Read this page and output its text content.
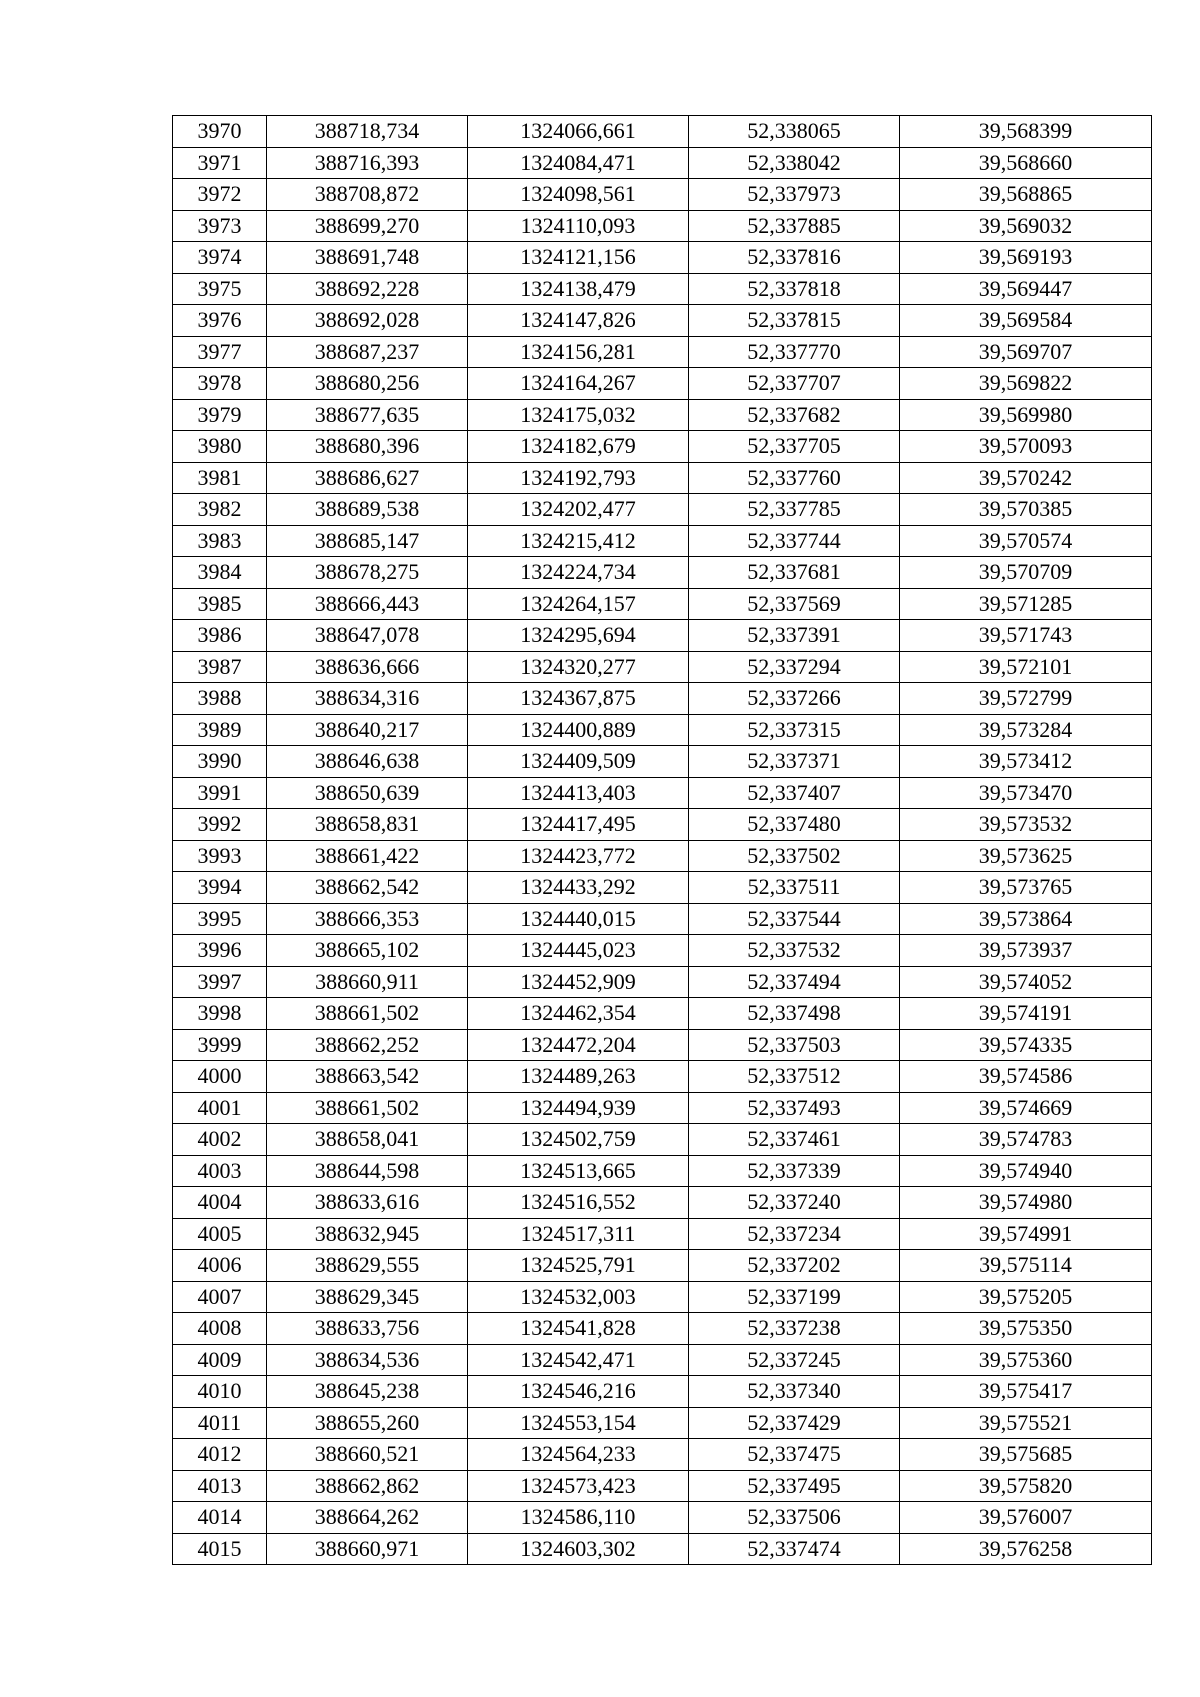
3970	388718,734	1324066,661	52,338065	39,568399
3971	388716,393	1324084,471	52,338042	39,568660
3972	388708,872	1324098,561	52,337973	39,568865
3973	388699,270	1324110,093	52,337885	39,569032
3974	388691,748	1324121,156	52,337816	39,569193
3975	388692,228	1324138,479	52,337818	39,569447
3976	388692,028	1324147,826	52,337815	39,569584
3977	388687,237	1324156,281	52,337770	39,569707
3978	388680,256	1324164,267	52,337707	39,569822
3979	388677,635	1324175,032	52,337682	39,569980
3980	388680,396	1324182,679	52,337705	39,570093
3981	388686,627	1324192,793	52,337760	39,570242
3982	388689,538	1324202,477	52,337785	39,570385
3983	388685,147	1324215,412	52,337744	39,570574
3984	388678,275	1324224,734	52,337681	39,570709
3985	388666,443	1324264,157	52,337569	39,571285
3986	388647,078	1324295,694	52,337391	39,571743
3987	388636,666	1324320,277	52,337294	39,572101
3988	388634,316	1324367,875	52,337266	39,572799
3989	388640,217	1324400,889	52,337315	39,573284
3990	388646,638	1324409,509	52,337371	39,573412
3991	388650,639	1324413,403	52,337407	39,573470
3992	388658,831	1324417,495	52,337480	39,573532
3993	388661,422	1324423,772	52,337502	39,573625
3994	388662,542	1324433,292	52,337511	39,573765
3995	388666,353	1324440,015	52,337544	39,573864
3996	388665,102	1324445,023	52,337532	39,573937
3997	388660,911	1324452,909	52,337494	39,574052
3998	388661,502	1324462,354	52,337498	39,574191
3999	388662,252	1324472,204	52,337503	39,574335
4000	388663,542	1324489,263	52,337512	39,574586
4001	388661,502	1324494,939	52,337493	39,574669
4002	388658,041	1324502,759	52,337461	39,574783
4003	388644,598	1324513,665	52,337339	39,574940
4004	388633,616	1324516,552	52,337240	39,574980
4005	388632,945	1324517,311	52,337234	39,574991
4006	388629,555	1324525,791	52,337202	39,575114
4007	388629,345	1324532,003	52,337199	39,575205
4008	388633,756	1324541,828	52,337238	39,575350
4009	388634,536	1324542,471	52,337245	39,575360
4010	388645,238	1324546,216	52,337340	39,575417
4011	388655,260	1324553,154	52,337429	39,575521
4012	388660,521	1324564,233	52,337475	39,575685
4013	388662,862	1324573,423	52,337495	39,575820
4014	388664,262	1324586,110	52,337506	39,576007
4015	388660,971	1324603,302	52,337474	39,576258
